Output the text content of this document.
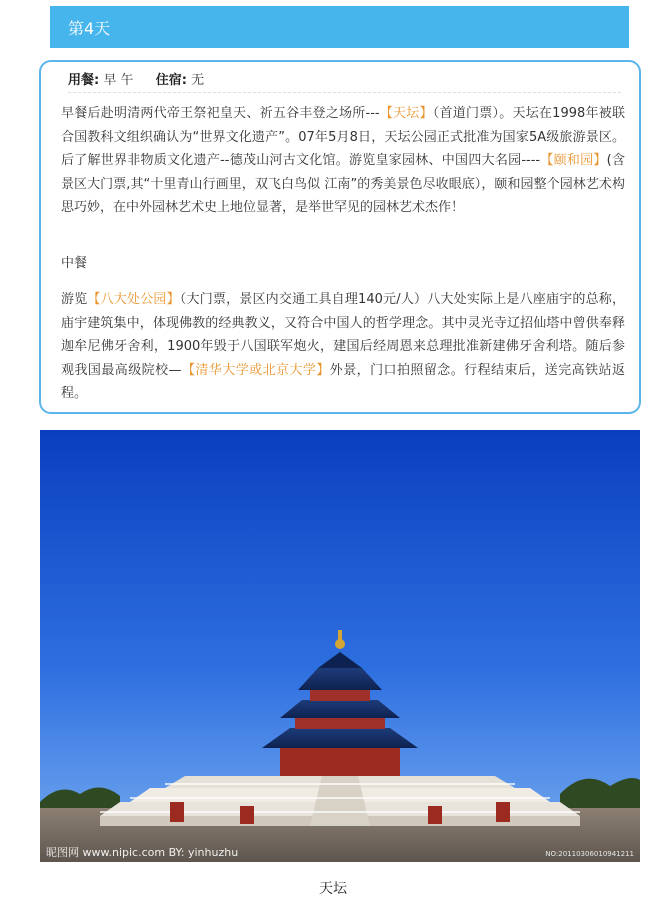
第4天
用餐: 早 午 住宿: 无

早餐后赴明清两代帝王祭祀皇天、祈五谷丰登之场所---【天坛】（首道门票）。天坛在1998年被联合国教科文组织确认为“世界文化遗产”。07年5月8日，天坛公园正式批准为国家5A级旅游景区。后了解世界非物质文化遗产--德茂山河古文化馆。游览皇家园林、中国四大名园----【颐和园】(含景区大门票,其“十里青山行画里，双飞白鸟似 江南”的秀美景色尽收眼底），颐和园整个园林艺术构思巧妙，在中外园林艺术史上地位显著，是举世罕见的园林艺术杰作！

中餐

游览【八大处公园】（大门票，景区内交通工具自理140元/人）八大处实际上是八座庙宇的总称，庙宇建筑集中，体现佛教的经典教义，又符合中国人的哲学理念。其中灵光寺辽招仙塔中曾供奉释迦牟尼佛牙舍利，1900年毁于八国联军炮火，建国后经周恩来总理批准新建佛牙舍利塔。随后参观我国最高级院校—【清华大学或北京大学】外景，门口拍照留念。行程结束后，送完高铁站返程。

昵图网 www.nipic.com BY: yinhuzhu	NO:20110306010941211
天坛
